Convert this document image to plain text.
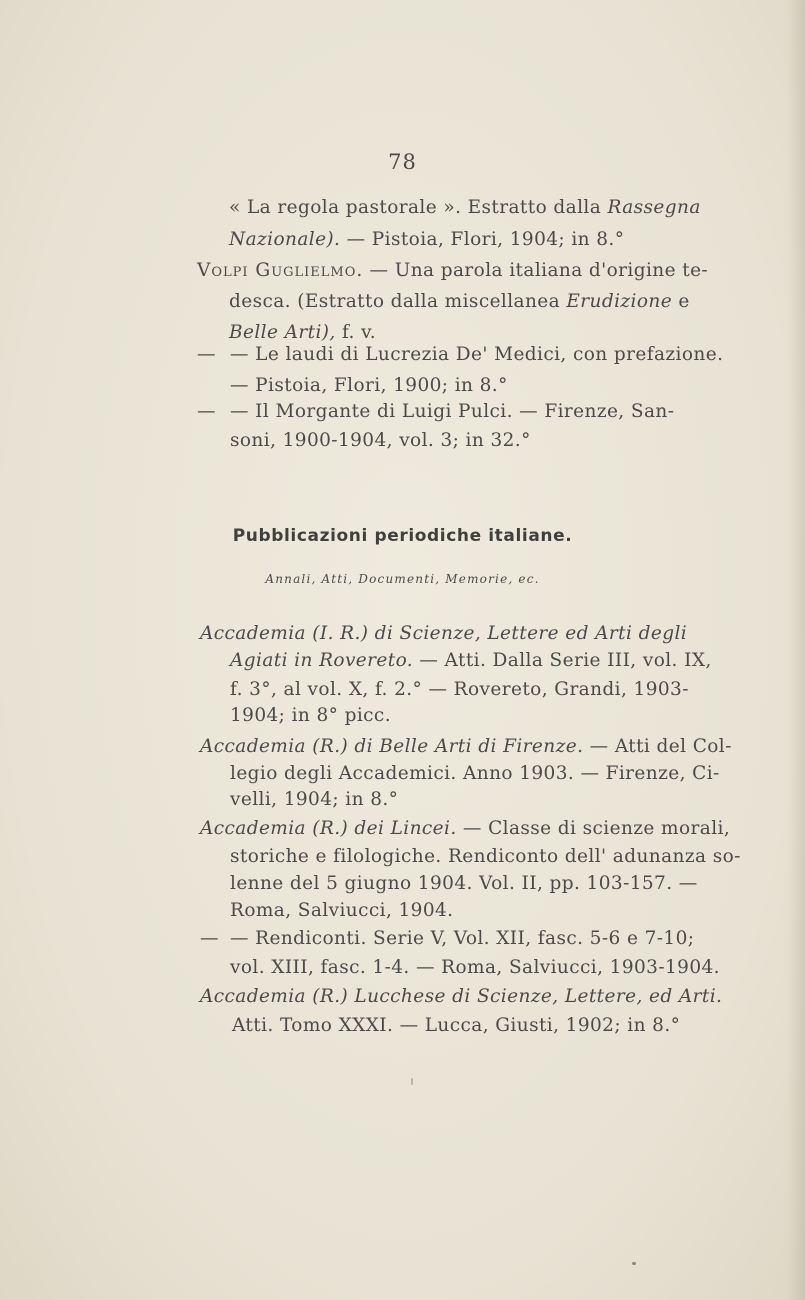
78
« La regola pastorale ». Estratto dalla Rassegna
Nazionale). — Pistoia, Flori, 1904; in 8.°
Volpi Guglielmo. — Una parola italiana d'origine te-
desca. (Estratto dalla miscellanea Erudizione e
Belle Arti), f. v.
— — Le laudi di Lucrezia De' Medici, con prefazione.
— Pistoia, Flori, 1900; in 8.°
— — Il Morgante di Luigi Pulci. — Firenze, San-
soni, 1900-1904, vol. 3; in 32.°
Pubblicazioni periodiche italiane.
Annali, Atti, Documenti, Memorie, ec.
Accademia (I. R.) di Scienze, Lettere ed Arti degli
Agiati in Rovereto. — Atti. Dalla Serie III, vol. IX,
f. 3°, al vol. X, f. 2.° — Rovereto, Grandi, 1903-
1904; in 8° picc.
Accademia (R.) di Belle Arti di Firenze. — Atti del Col-
legio degli Accademici. Anno 1903. — Firenze, Ci-
velli, 1904; in 8.°
Accademia (R.) dei Lincei. — Classe di scienze morali,
storiche e filologiche. Rendiconto dell' adunanza so-
lenne del 5 giugno 1904. Vol. II, pp. 103-157. —
Roma, Salviucci, 1904.
— — Rendiconti. Serie V, Vol. XII, fasc. 5-6 e 7-10;
vol. XIII, fasc. 1-4. — Roma, Salviucci, 1903-1904.
Accademia (R.) Lucchese di Scienze, Lettere, ed Arti.
Atti. Tomo XXXI. — Lucca, Giusti, 1902; in 8.°
